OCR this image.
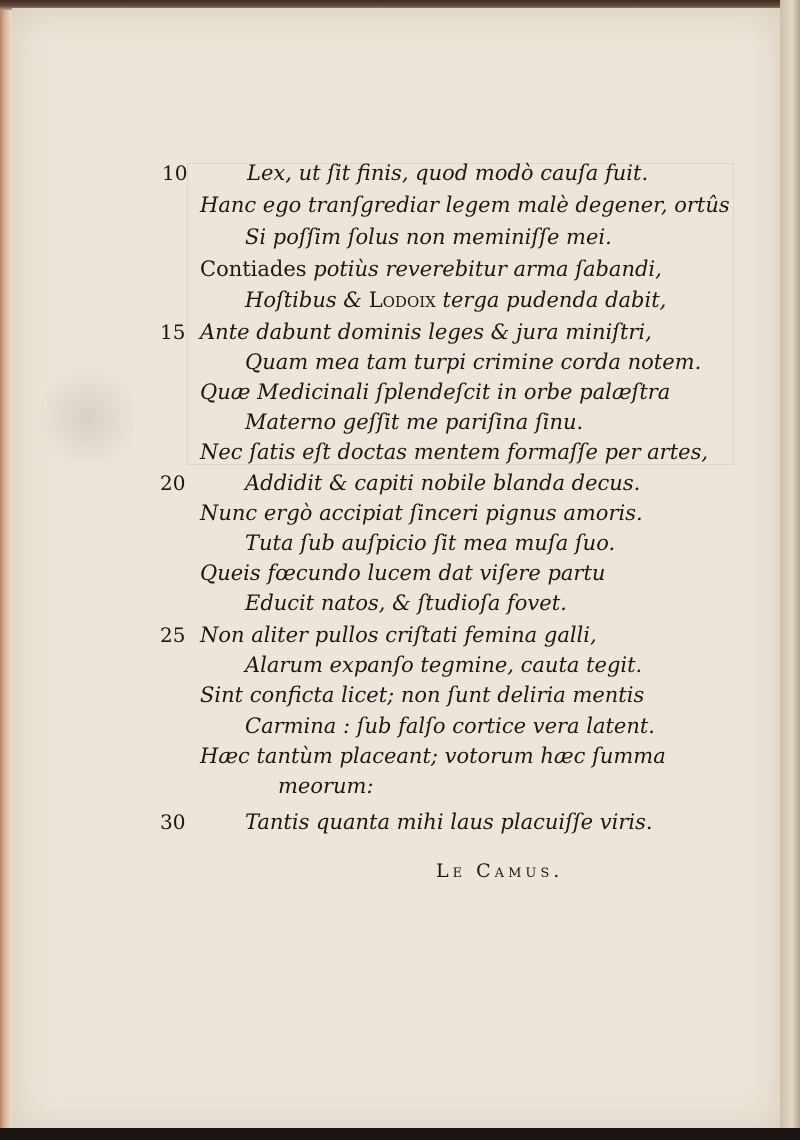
10	Lex, ut ſit finis, quod modò cauſa fuit.
Hanc ego tranſgrediar legem malè degener, ortûs
Si poſſim ſolus non meminiſſe mei.
Contiades potiùs reverebitur arma ſabandi,
Hoſtibus & Lodoix terga pudenda dabit,
15 Ante dabunt dominis leges & jura miniſtri,
Quam mea tam turpi crimine corda notem.
Quæ Medicinali ſplendeſcit in orbe palæſtra
Materno geſſit me pariſina ſinu.
Nec ſatis eſt doctas mentem formaſſe per artes,
20	Addidit & capiti nobile blanda decus.
Nunc ergò accipiat ſinceri pignus amoris.
Tuta ſub auſpicio ſit mea muſa ſuo.
Queis fœcundo lucem dat viſere partu
Educit natos, & ſtudioſa fovet.
25 Non aliter pullos criſtati femina galli,
Alarum expanſo tegmine, cauta tegit.
Sint conficta licet; non ſunt deliria mentis
Carmina : ſub falſo cortice vera latent.
Hæc tantùm placeant; votorum hæc ſumma
meorum:
30	Tantis quanta mihi laus placuiſſe viris.
Le Camus.
